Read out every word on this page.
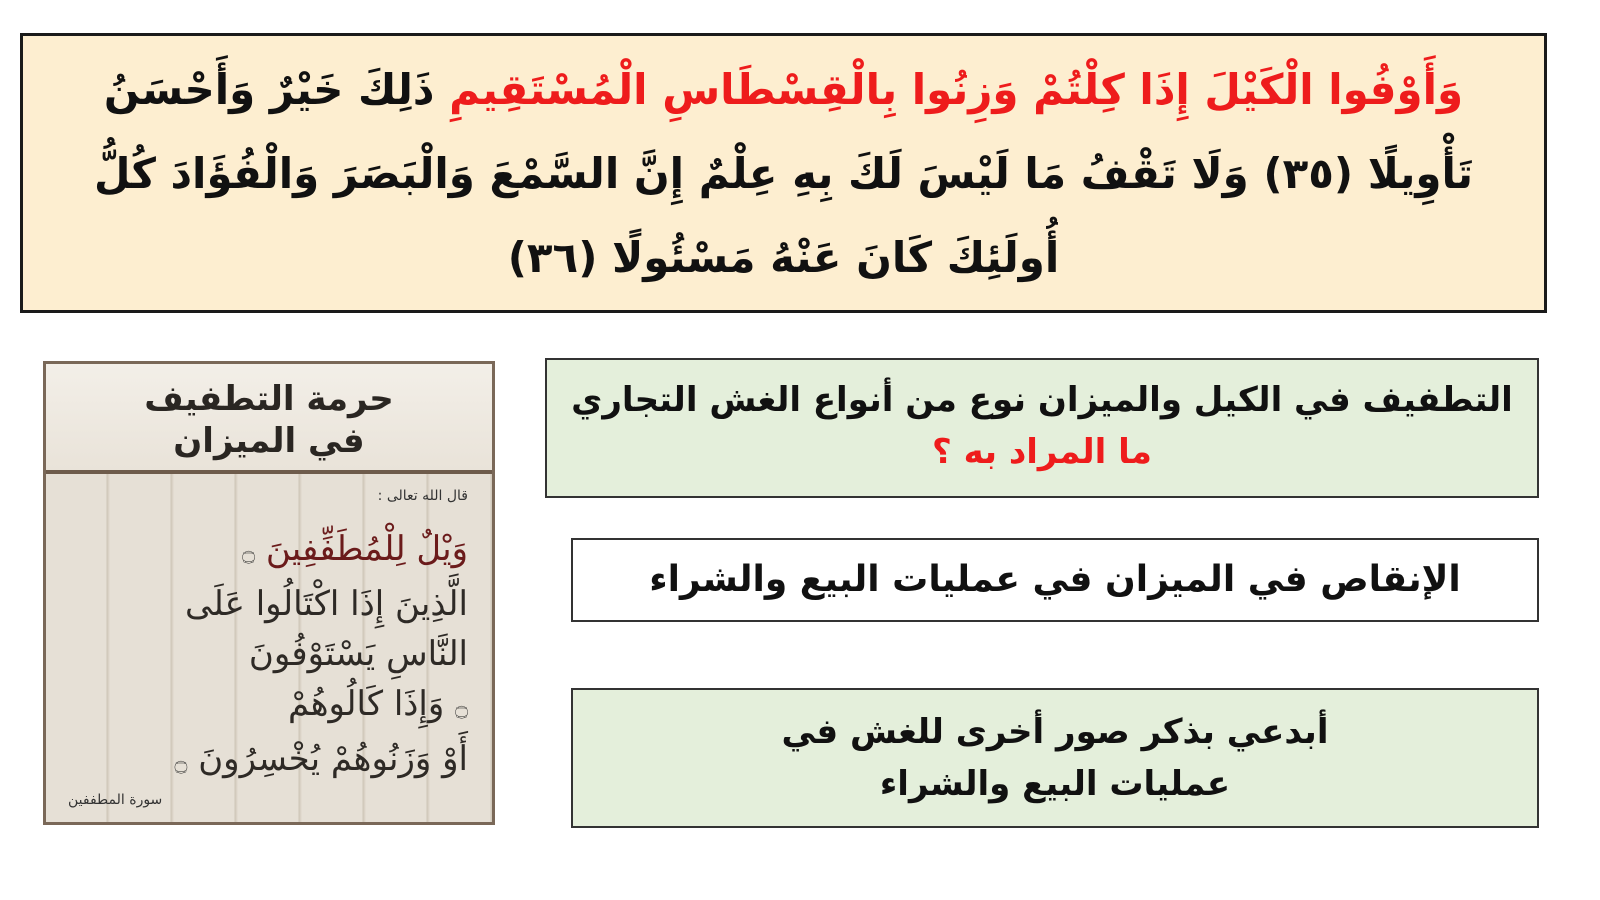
وَأَوْفُوا الْكَيْلَ إِذَا كِلْتُمْ وَزِنُوا بِالْقِسْطَاسِ الْمُسْتَقِيمِ ذَلِكَ خَيْرٌ وَأَحْسَنُ تَأْوِيلًا (٣٥) وَلَا تَقْفُ مَا لَيْسَ لَكَ بِهِ عِلْمٌ إِنَّ السَّمْعَ وَالْبَصَرَ وَالْفُؤَادَ كُلُّ أُولَئِكَ كَانَ عَنْهُ مَسْئُولًا (٣٦)
التطفيف في الكيل والميزان نوع من أنواع الغش التجاري
ما المراد به ؟
الإنقاص في الميزان في عمليات البيع والشراء
أبدعي بذكر صور أخرى للغش في
عمليات البيع والشراء
حرمة التطفيف
في الميزان
قال الله تعالى :
وَيْلٌ لِلْمُطَفِّفِينَ ۝
الَّذِينَ إِذَا اكْتَالُوا عَلَى
النَّاسِ يَسْتَوْفُونَ
۝ وَإِذَا كَالُوهُمْ
أَوْ وَزَنُوهُمْ يُخْسِرُونَ ۝
سورة المطففين
